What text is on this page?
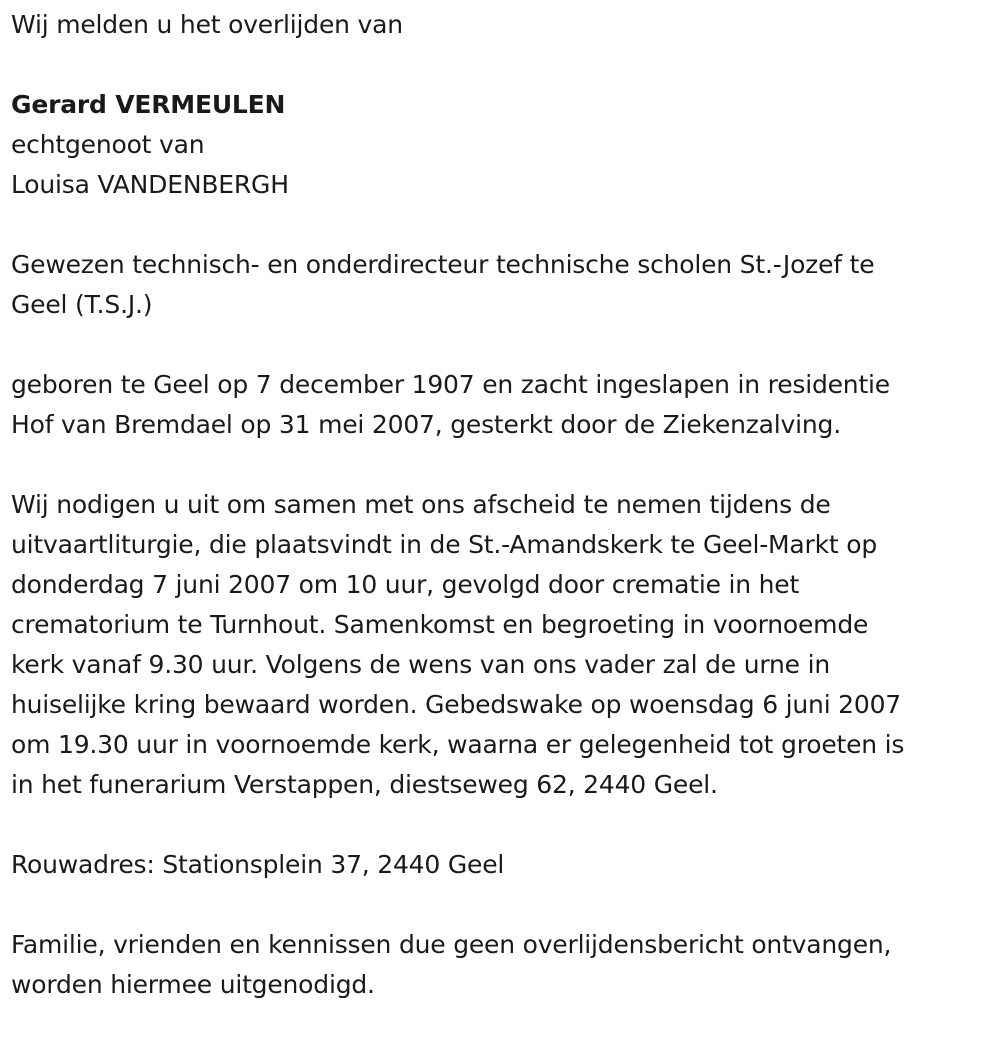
Wij melden u het overlijden van
Gerard VERMEULEN
echtgenoot van
Louisa VANDENBERGH
Gewezen technisch- en onderdirecteur technische scholen St.-Jozef te
Geel (T.S.J.)
geboren te Geel op 7 december 1907 en zacht ingeslapen in residentie
Hof van Bremdael op 31 mei 2007, gesterkt door de Ziekenzalving.
Wij nodigen u uit om samen met ons afscheid te nemen tijdens de
uitvaartliturgie, die plaatsvindt in de St.-Amandskerk te Geel-Markt op
donderdag 7 juni 2007 om 10 uur, gevolgd door crematie in het
crematorium te Turnhout. Samenkomst en begroeting in voornoemde
kerk vanaf 9.30 uur. Volgens de wens van ons vader zal de urne in
huiselijke kring bewaard worden. Gebedswake op woensdag 6 juni 2007
om 19.30 uur in voornoemde kerk, waarna er gelegenheid tot groeten is
in het funerarium Verstappen, diestseweg 62, 2440 Geel.
Rouwadres: Stationsplein 37, 2440 Geel
Familie, vrienden en kennissen due geen overlijdensbericht ontvangen,
worden hiermee uitgenodigd.
